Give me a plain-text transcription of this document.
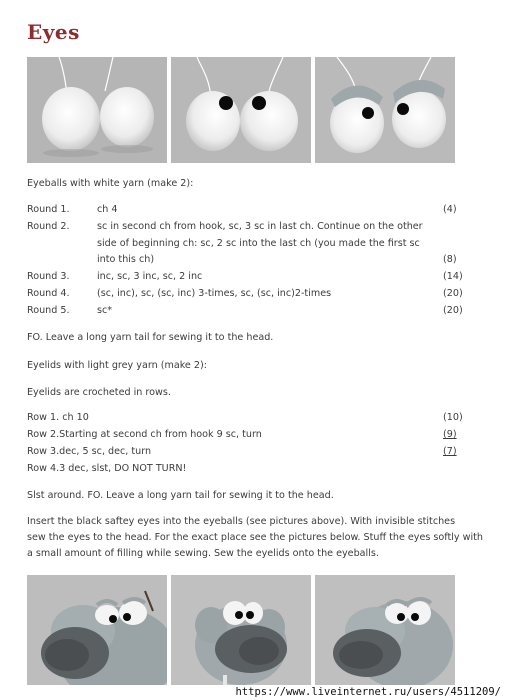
Eyes
Eyeballs with white yarn (make 2):
Round 1.	ch 4	(4)
Round 2.	sc in second ch from hook, sc, 3 sc in last ch. Continue on the other
side of beginning ch: sc, 2 sc into the last ch (you made the first sc
into this ch)	(8)
Round 3.	inc, sc, 3 inc, sc, 2 inc	(14)
Round 4.	(sc, inc), sc, (sc, inc) 3-times, sc, (sc, inc)2-times	(20)
Round 5.	sc*	(20)
FO. Leave a long yarn tail for sewing it to the head.
Eyelids with light grey yarn (make 2):
Eyelids are crocheted in rows.
Row 1. ch 10	(10)
Row 2.Starting at second ch from hook 9 sc, turn	(9)
Row 3.dec, 5 sc, dec, turn	(7)
Row 4.3 dec, slst, DO NOT TURN!
Slst around. FO. Leave a long yarn tail for sewing it to the head.
Insert the black saftey eyes into the eyeballs (see pictures above). With invisible stitches
sew the eyes to the head. For the exact place see the pictures below. Stuff the eyes softly with
a small amount of filling while sewing. Sew the eyelids onto the eyeballs.
https://www.liveinternet.ru/users/4511209/
